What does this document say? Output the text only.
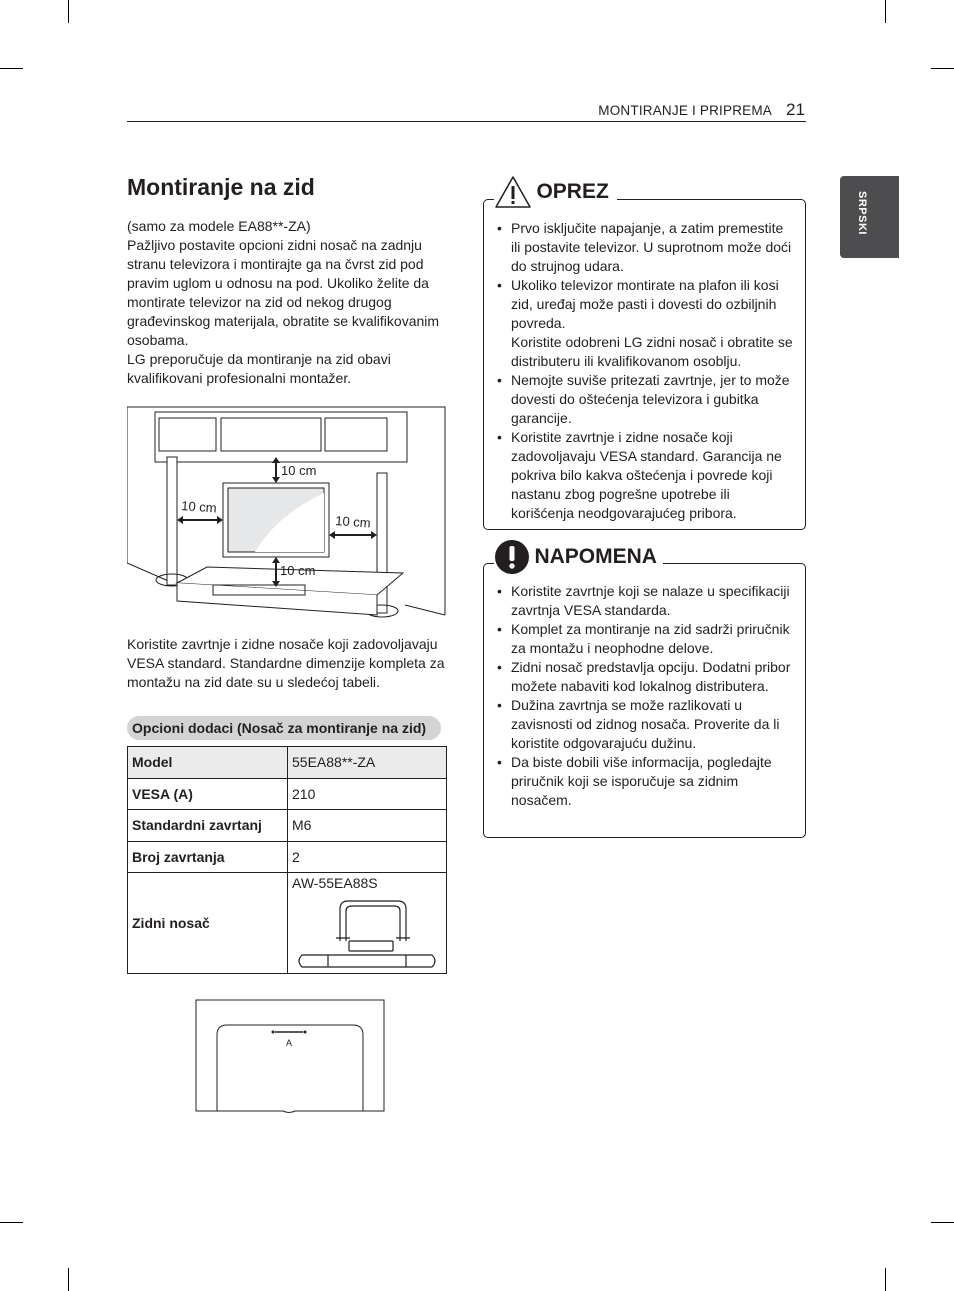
MONTIRANJE I PRIPREMA 21
SRPSKI
Montiranje na zid

(samo za modele EA88**-ZA)

Pažljivo postavite opcioni zidni nosač na zadnju stranu televizora i montirajte ga na čvrst zid pod pravim uglom u odnosu na pod. Ukoliko želite da montirate televizor na zid od nekog drugog građevinskog materijala, obratite se kvalifikovanim osobama.

LG preporučuje da montiranje na zid obavi kvalifikovani profesionalni montažer.

10 cm
10 cm
10 cm
10 cm

Koristite zavrtnje i zidne nosače koji zadovoljavaju VESA standard. Standardne dimenzije kompleta za montažu na zid date su u sledećoj tabeli.

Opcioni dodaci (Nosač za montiranje na zid)
Model	55EA88**-ZA
VESA (A)	210
Standardni zavrtanj	M6
Broj zavrtanja	2
Zidni nosač	AW-55EA88S
A
OPREZ
• Prvo isključite napajanje, a zatim premestite ili postavite televizor. U suprotnom može doći do strujnog udara.
• Ukoliko televizor montirate na plafon ili kosi zid, uređaj može pasti i dovesti do ozbiljnih povreda.
Koristite odobreni LG zidni nosač i obratite se distributeru ili kvalifikovanom osoblju.
• Nemojte suviše pritezati zavrtnje, jer to može dovesti do oštećenja televizora i gubitka garancije.
• Koristite zavrtnje i zidne nosače koji zadovoljavaju VESA standard. Garancija ne pokriva bilo kakva oštećenja i povrede koji nastanu zbog pogrešne upotrebe ili korišćenja neodgovarajućeg pribora.
NAPOMENA
• Koristite zavrtnje koji se nalaze u specifikaciji zavrtnja VESA standarda.
• Komplet za montiranje na zid sadrži priručnik za montažu i neophodne delove.
• Zidni nosač predstavlja opciju. Dodatni pribor možete nabaviti kod lokalnog distributera.
• Dužina zavrtnja se može razlikovati u zavisnosti od zidnog nosača. Proverite da li koristite odgovarajuću dužinu.
• Da biste dobili više informacija, pogledajte priručnik koji se isporučuje sa zidnim nosačem.
